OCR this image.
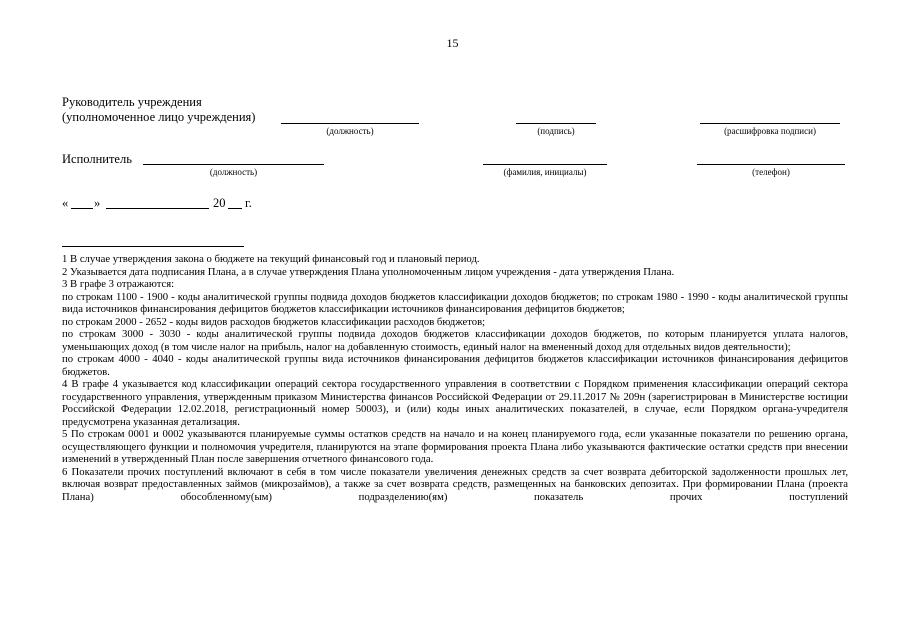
15
Руководитель учреждения
(уполномоченное лицо учреждения)
(должность)	(подпись)	(расшифровка подписи)
Исполнитель
(должность)	(фамилия, инициалы)	(телефон)
« »	20 г.

1 В случае утверждения закона о бюджете на текущий финансовый год и плановый период.

2 Указывается дата подписания Плана, а в случае утверждения Плана уполномоченным лицом учреждения - дата утверждения Плана.

3 В графе 3 отражаются:

по строкам 1100 - 1900 - коды аналитической группы подвида доходов бюджетов классификации доходов бюджетов; по строкам 1980 - 1990 - коды аналитической группы вида источников финансирования дефицитов бюджетов классификации источников финансирования дефицитов бюджетов;

по строкам 2000 - 2652 - коды видов расходов бюджетов классификации расходов бюджетов;

по строкам 3000 - 3030 - коды аналитической группы подвида доходов бюджетов классификации доходов бюджетов, по которым планируется уплата налогов, уменьшающих доход (в том числе налог на прибыль, налог на добавленную стоимость, единый налог на вмененный доход для отдельных видов деятельности);

по строкам 4000 - 4040 - коды аналитической группы вида источников финансирования дефицитов бюджетов классификации источников финансирования дефицитов бюджетов.

4 В графе 4 указывается код классификации операций сектора государственного управления в соответствии с Порядком применения классификации операций сектора государственного управления, утвержденным приказом Министерства финансов Российской Федерации от 29.11.2017 № 209н (зарегистрирован в Министерстве юстиции Российской Федерации 12.02.2018, регистрационный номер 50003), и (или) коды иных аналитических показателей, в случае, если Порядком органа-учредителя предусмотрена указанная детализация.

5 По строкам 0001 и 0002 указываются планируемые суммы остатков средств на начало и на конец планируемого года, если указанные показатели по решению органа, осуществляющего функции и полномочия учредителя, планируются на этапе формирования проекта Плана либо указываются фактические остатки средств при внесении изменений в утвержденный План после завершения отчетного финансового года.

6 Показатели прочих поступлений включают в себя в том числе показатели увеличения денежных средств за счет возврата дебиторской задолженности прошлых лет, включая возврат предоставленных займов (микрозаймов), а также за счет возврата средств, размещенных на банковских депозитах. При формировании Плана (проекта Плана) обособленному(ым) подразделению(ям) показатель прочих поступлений
